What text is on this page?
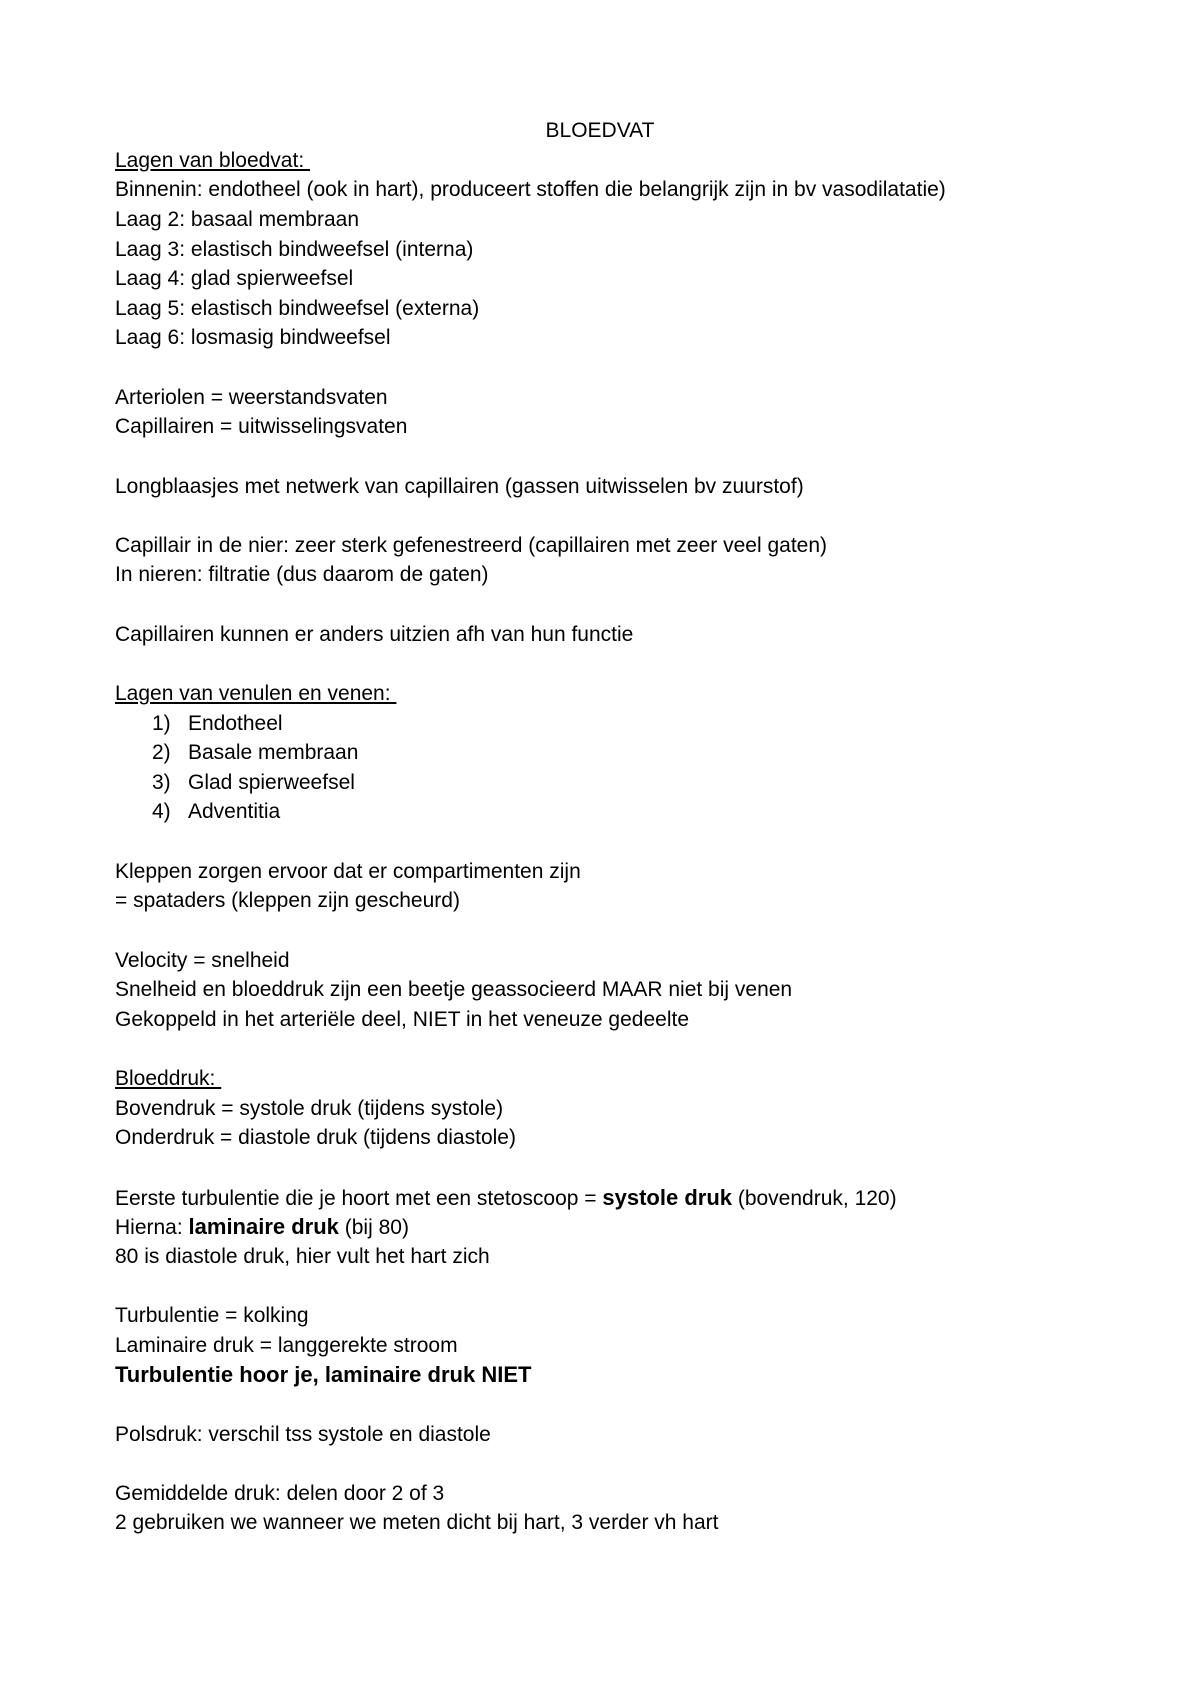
BLOEDVAT
Lagen van bloedvat:
Binnenin: endotheel (ook in hart), produceert stoffen die belangrijk zijn in bv vasodilatatie)
Laag 2: basaal membraan
Laag 3: elastisch bindweefsel (interna)
Laag 4: glad spierweefsel
Laag 5: elastisch bindweefsel (externa)
Laag 6: losmasig bindweefsel
Arteriolen = weerstandsvaten
Capillairen = uitwisselingsvaten
Longblaasjes met netwerk van capillairen (gassen uitwisselen bv zuurstof)
Capillair in de nier: zeer sterk gefenestreerd (capillairen met zeer veel gaten)
In nieren: filtratie (dus daarom de gaten)
Capillairen kunnen er anders uitzien afh van hun functie
Lagen van venulen en venen:
1) Endotheel
2) Basale membraan
3) Glad spierweefsel
4) Adventitia
Kleppen zorgen ervoor dat er compartimenten zijn
= spataders (kleppen zijn gescheurd)
Velocity = snelheid
Snelheid en bloeddruk zijn een beetje geassocieerd MAAR niet bij venen
Gekoppeld in het arteriële deel, NIET in het veneuze gedeelte
Bloeddruk:
Bovendruk = systole druk (tijdens systole)
Onderdruk = diastole druk (tijdens diastole)
Eerste turbulentie die je hoort met een stetoscoop = systole druk (bovendruk, 120)
Hierna: laminaire druk (bij 80)
80 is diastole druk, hier vult het hart zich
Turbulentie = kolking
Laminaire druk = langgerekte stroom
Turbulentie hoor je, laminaire druk NIET
Polsdruk: verschil tss systole en diastole
Gemiddelde druk: delen door 2 of 3
2 gebruiken we wanneer we meten dicht bij hart, 3 verder vh hart
